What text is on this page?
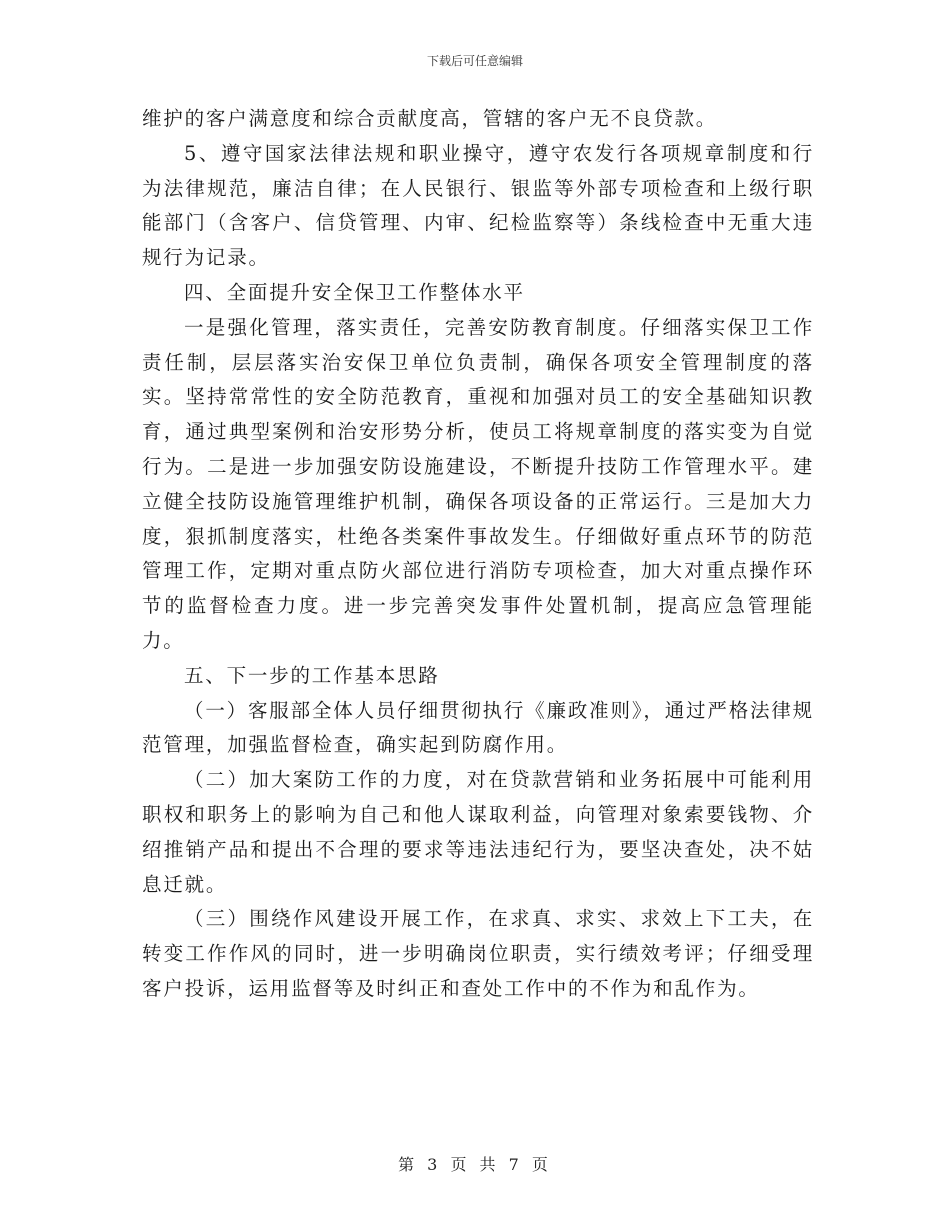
下载后可任意编辑

维护的客户满意度和综合贡献度高，管辖的客户无不良贷款。

5、遵守国家法律法规和职业操守，遵守农发行各项规章制度和行为法律规范，廉洁自律；在人民银行、银监等外部专项检查和上级行职能部门（含客户、信贷管理、内审、纪检监察等）条线检查中无重大违规行为记录。

四、全面提升安全保卫工作整体水平

一是强化管理，落实责任，完善安防教育制度。仔细落实保卫工作责任制，层层落实治安保卫单位负责制，确保各项安全管理制度的落实。坚持常常性的安全防范教育，重视和加强对员工的安全基础知识教育，通过典型案例和治安形势分析，使员工将规章制度的落实变为自觉行为。二是进一步加强安防设施建设，不断提升技防工作管理水平。建立健全技防设施管理维护机制，确保各项设备的正常运行。三是加大力度，狠抓制度落实，杜绝各类案件事故发生。仔细做好重点环节的防范管理工作，定期对重点防火部位进行消防专项检查，加大对重点操作环节的监督检查力度。进一步完善突发事件处置机制，提高应急管理能力。

五、下一步的工作基本思路

（一）客服部全体人员仔细贯彻执行《廉政准则》，通过严格法律规范管理，加强监督检查，确实起到防腐作用。

（二）加大案防工作的力度，对在贷款营销和业务拓展中可能利用职权和职务上的影响为自己和他人谋取利益，向管理对象索要钱物、介绍推销产品和提出不合理的要求等违法违纪行为，要坚决查处，决不姑息迁就。

（三）围绕作风建设开展工作，在求真、求实、求效上下工夫，在转变工作作风的同时，进一步明确岗位职责，实行绩效考评；仔细受理客户投诉，运用监督等及时纠正和查处工作中的不作为和乱作为。

第 3 页 共 7 页
